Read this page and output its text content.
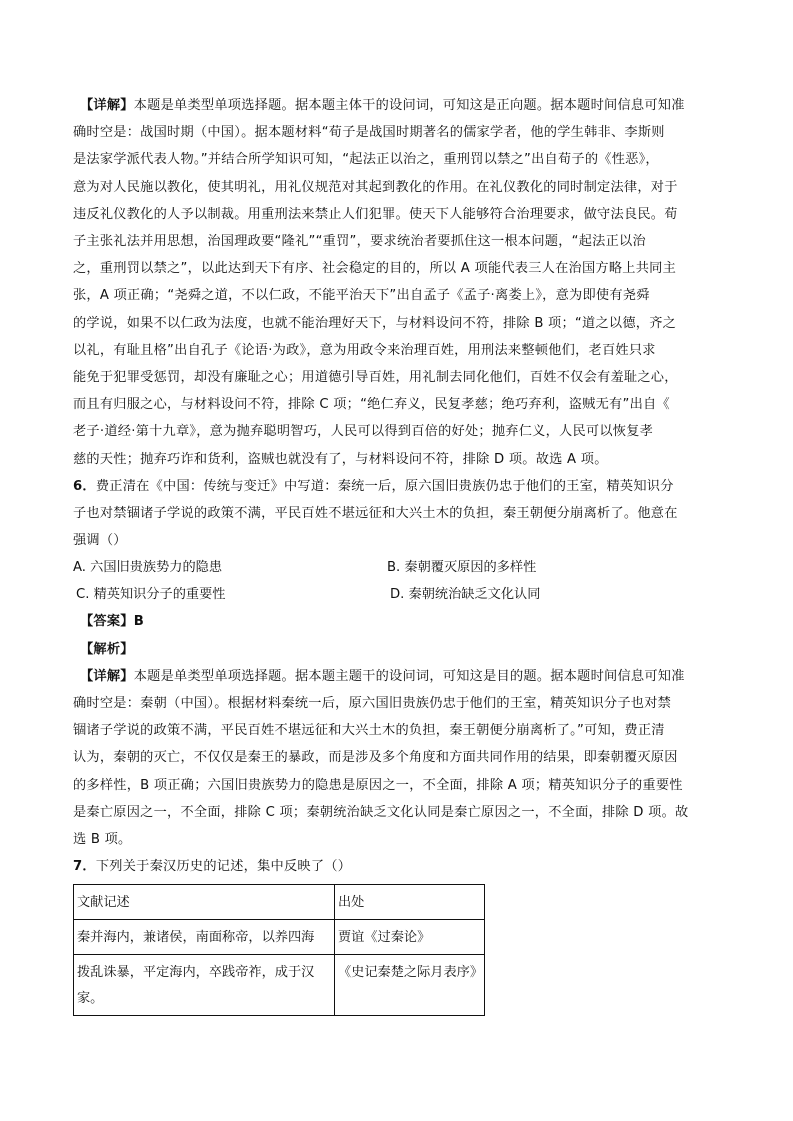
【详解】本题是单类型单项选择题。据本题主体干的设问词，可知这是正向题。据本题时间信息可知准

确时空是：战国时期（中国）。据本题材料“荀子是战国时期著名的儒家学者，他的学生韩非、李斯则

是法家学派代表人物。”并结合所学知识可知，“起法正以治之，重刑罚以禁之”出自荀子的《性恶》，

意为对人民施以教化，使其明礼，用礼仪规范对其起到教化的作用。在礼仪教化的同时制定法律，对于

违反礼仪教化的人予以制裁。用重刑法来禁止人们犯罪。使天下人能够符合治理要求，做守法良民。荀

子主张礼法并用思想，治国理政要“隆礼”“重罚”，要求统治者要抓住这一根本问题，“起法正以治

之，重刑罚以禁之”，以此达到天下有序、社会稳定的目的，所以 A 项能代表三人在治国方略上共同主

张，A 项正确；“尧舜之道，不以仁政，不能平治天下”出自孟子《孟子·离娄上》，意为即使有尧舜

的学说，如果不以仁政为法度，也就不能治理好天下，与材料设问不符，排除 B 项；“道之以德，齐之

以礼，有耻且格”出自孔子《论语·为政》，意为用政令来治理百姓，用刑法来整顿他们，老百姓只求

能免于犯罪受惩罚，却没有廉耻之心；用道德引导百姓，用礼制去同化他们，百姓不仅会有羞耻之心，

而且有归服之心，与材料设问不符，排除 C 项；“绝仁弃义，民复孝慈；绝巧弃利，盗贼无有”出自《

老子·道经·第十九章》，意为抛弃聪明智巧，人民可以得到百倍的好处；抛弃仁义，人民可以恢复孝

慈的天性；抛弃巧诈和货利，盗贼也就没有了，与材料设问不符，排除 D 项。故选 A 项。

6．费正清在《中国：传统与变迁》中写道：秦统一后，原六国旧贵族仍忠于他们的王室，精英知识分

子也对禁锢诸子学说的政策不满，平民百姓不堪远征和大兴土木的负担，秦王朝便分崩离析了。他意在

强调（）

A. 六国旧贵族势力的隐患	B. 秦朝覆灭原因的多样性
C. 精英知识分子的重要性	D. 秦朝统治缺乏文化认同

【答案】B

【解析】

【详解】本题是单类型单项选择题。据本题主题干的设问词，可知这是目的题。据本题时间信息可知准

确时空是：秦朝（中国）。根据材料秦统一后，原六国旧贵族仍忠于他们的王室，精英知识分子也对禁

锢诸子学说的政策不满，平民百姓不堪远征和大兴土木的负担，秦王朝便分崩离析了。”可知，费正清

认为，秦朝的灭亡，不仅仅是秦王的暴政，而是涉及多个角度和方面共同作用的结果，即秦朝覆灭原因

的多样性，B 项正确；六国旧贵族势力的隐患是原因之一，不全面，排除 A 项；精英知识分子的重要性

是秦亡原因之一，不全面，排除 C 项；秦朝统治缺乏文化认同是秦亡原因之一，不全面，排除 D 项。故

选 B 项。

7．下列关于秦汉历史的记述，集中反映了（）

文献记述	出处
秦并海内，兼诸侯，南面称帝，以养四海	贾谊《过秦论》
拨乱诛暴，平定海内，卒践帝祚，成于汉家。	《史记秦楚之际月表序》
